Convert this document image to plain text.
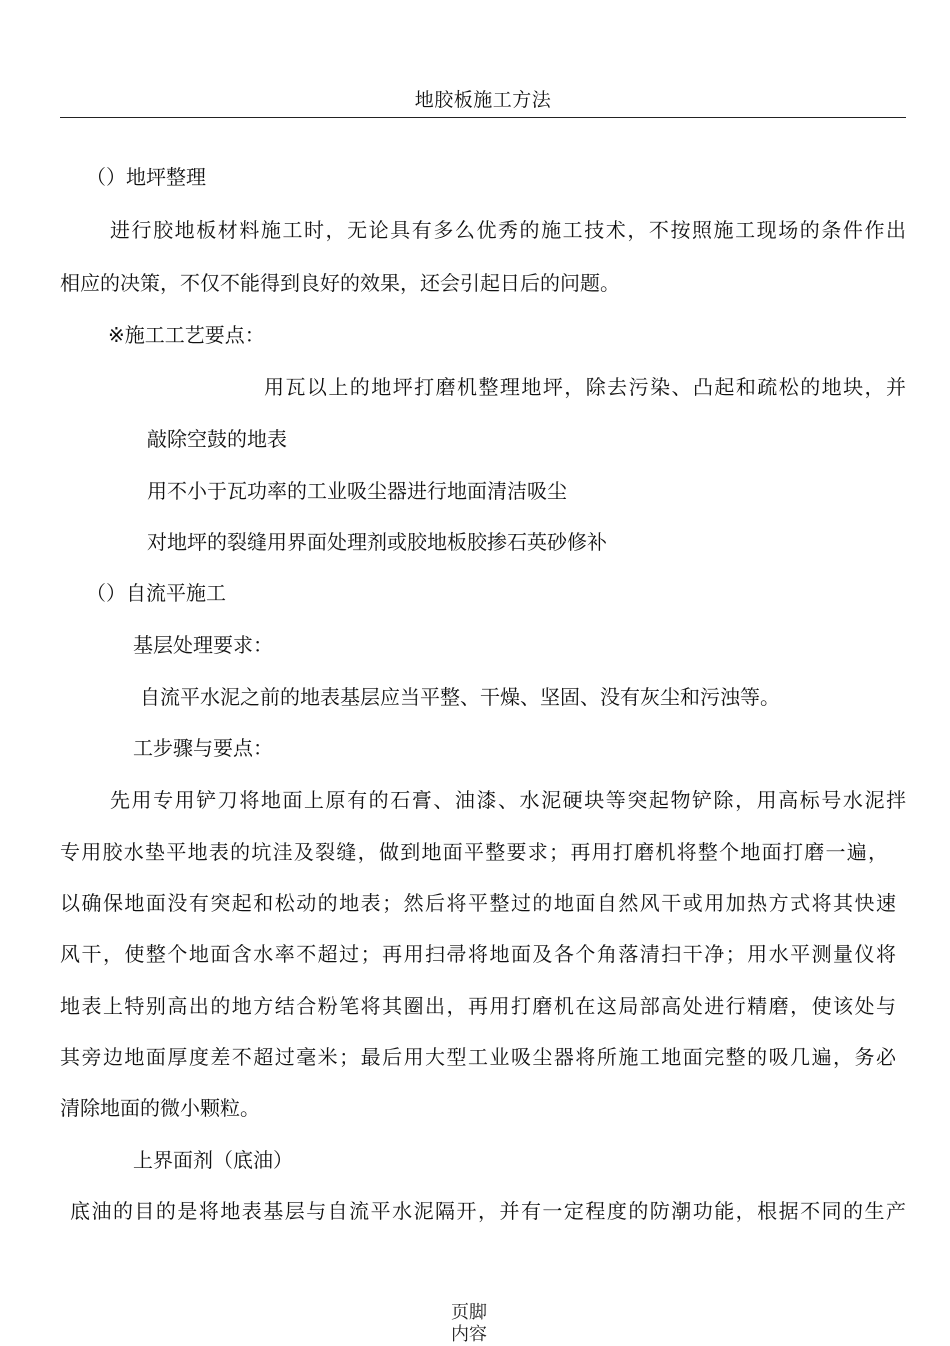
地胶板施工方法
（）地坪整理
进行胶地板材料施工时，无论具有多么优秀的施工技术，不按照施工现场的条件作出
相应的决策，不仅不能得到良好的效果，还会引起日后的问题。
※施工工艺要点：
用瓦以上的地坪打磨机整理地坪，除去污染、凸起和疏松的地块，并
敲除空鼓的地表
用不小于瓦功率的工业吸尘器进行地面清洁吸尘
对地坪的裂缝用界面处理剂或胶地板胶掺石英砂修补
（）自流平施工
基层处理要求：
自流平水泥之前的地表基层应当平整、干燥、坚固、没有灰尘和污浊等。
工步骤与要点：
先用专用铲刀将地面上原有的石膏、油漆、水泥硬块等突起物铲除，用高标号水泥拌
专用胶水垫平地表的坑洼及裂缝，做到地面平整要求；再用打磨机将整个地面打磨一遍，
以确保地面没有突起和松动的地表；然后将平整过的地面自然风干或用加热方式将其快速
风干，使整个地面含水率不超过；再用扫帚将地面及各个角落清扫干净；用水平测量仪将
地表上特别高出的地方结合粉笔将其圈出，再用打磨机在这局部高处进行精磨，使该处与
其旁边地面厚度差不超过毫米；最后用大型工业吸尘器将所施工地面完整的吸几遍，务必
清除地面的微小颗粒。
上界面剂（底油）
底油的目的是将地表基层与自流平水泥隔开，并有一定程度的防潮功能，根据不同的生产
页脚
内容
